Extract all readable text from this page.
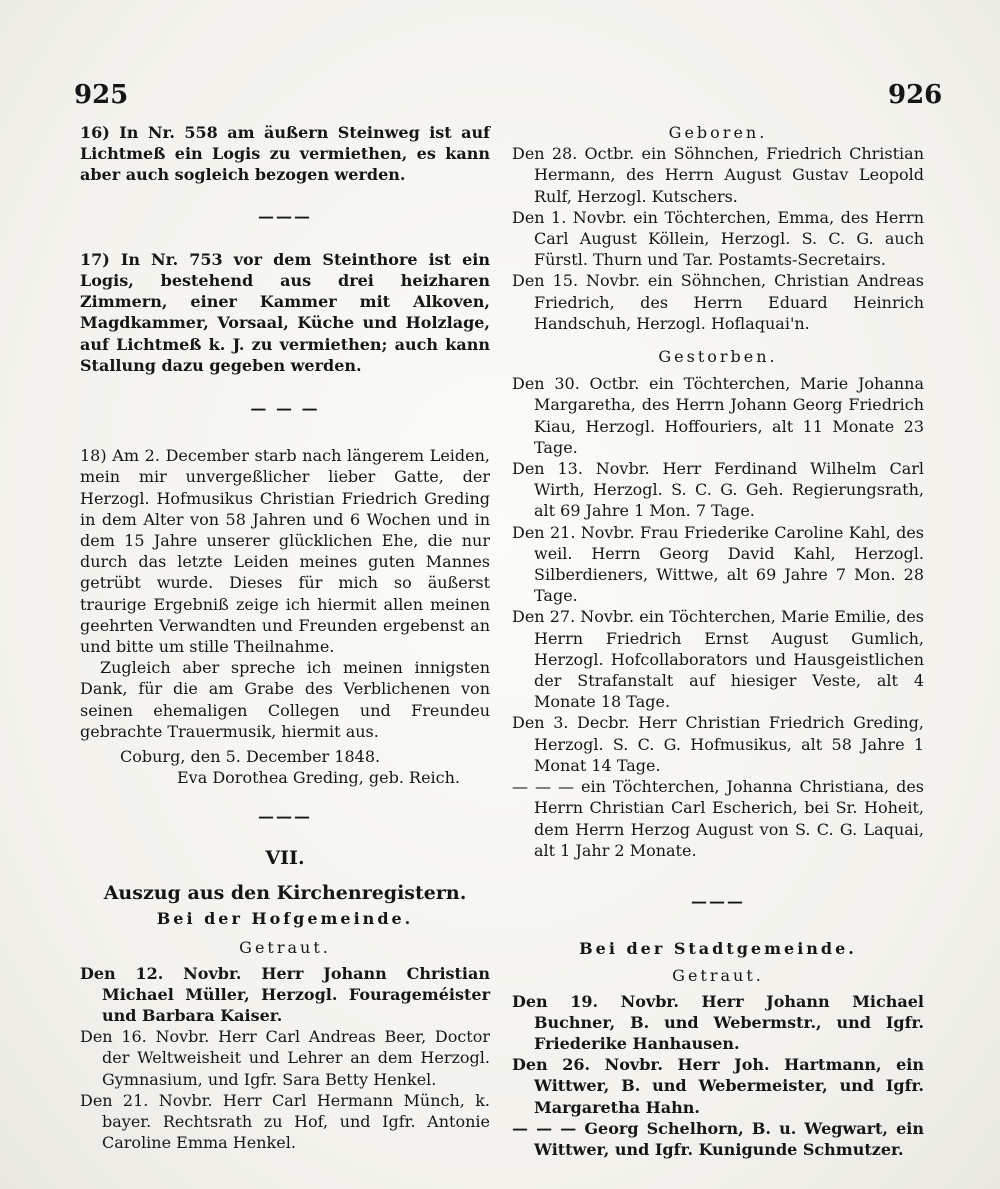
925	926

16) In Nr. 558 am äußern Steinweg ist auf Lichtmeß ein Logis zu vermiethen, es kann aber auch sogleich bezogen werden.

———

17) In Nr. 753 vor dem Steinthore ist ein Logis, bestehend aus drei heizharen Zimmern, einer Kammer mit Alkoven, Magdkammer, Vorsaal, Küche und Holzlage, auf Lichtmeß k. J. zu vermiethen; auch kann Stallung dazu gegeben werden.

— — —

18) Am 2. December starb nach längerem Leiden, mein mir unvergeßlicher lieber Gatte, der Herzogl. Hofmusikus Christian Friedrich Greding in dem Alter von 58 Jahren und 6 Wochen und in dem 15 Jahre unserer glücklichen Ehe, die nur durch das letzte Leiden meines guten Mannes getrübt wurde. Dieses für mich so äußerst traurige Ergebniß zeige ich hiermit allen meinen geehrten Verwandten und Freunden ergebenst an und bitte um stille Theilnahme.

Zugleich aber spreche ich meinen innigsten Dank, für die am Grabe des Verblichenen von seinen ehemaligen Collegen und Freundeu gebrachte Trauermusik, hiermit aus.

Coburg, den 5. December 1848.

Eva Dorothea Greding, geb. Reich.

———

VII.

Auszug aus den Kirchenregistern.

Bei der Hofgemeinde.

Getraut.

Den 12. Novbr. Herr Johann Christian Michael Müller, Herzogl. Fourageméister und Barbara Kaiser.

Den 16. Novbr. Herr Carl Andreas Beer, Doctor der Weltweisheit und Lehrer an dem Herzogl. Gymnasium, und Igfr. Sara Betty Henkel.

Den 21. Novbr. Herr Carl Hermann Münch, k. bayer. Rechtsrath zu Hof, und Igfr. Antonie Caroline Emma Henkel.

Geboren.

Den 28. Octbr. ein Söhnchen, Friedrich Christian Hermann, des Herrn August Gustav Leopold Rulf, Herzogl. Kutschers.

Den 1. Novbr. ein Töchterchen, Emma, des Herrn Carl August Köllein, Herzogl. S. C. G. auch Fürstl. Thurn und Tar. Postamts-Secretairs.

Den 15. Novbr. ein Söhnchen, Christian Andreas Friedrich, des Herrn Eduard Heinrich Handschuh, Herzogl. Hoflaquai'n.

Gestorben.

Den 30. Octbr. ein Töchterchen, Marie Johanna Margaretha, des Herrn Johann Georg Friedrich Kiau, Herzogl. Hoffouriers, alt 11 Monate 23 Tage.

Den 13. Novbr. Herr Ferdinand Wilhelm Carl Wirth, Herzogl. S. C. G. Geh. Regierungsrath, alt 69 Jahre 1 Mon. 7 Tage.

Den 21. Novbr. Frau Friederike Caroline Kahl, des weil. Herrn Georg David Kahl, Herzogl. Silberdieners, Wittwe, alt 69 Jahre 7 Mon. 28 Tage.

Den 27. Novbr. ein Töchterchen, Marie Emilie, des Herrn Friedrich Ernst August Gumlich, Herzogl. Hofcollaborators und Hausgeistlichen der Strafanstalt auf hiesiger Veste, alt 4 Monate 18 Tage.

Den 3. Decbr. Herr Christian Friedrich Greding, Herzogl. S. C. G. Hofmusikus, alt 58 Jahre 1 Monat 14 Tage.

— — — ein Töchterchen, Johanna Christiana, des Herrn Christian Carl Escherich, bei Sr. Hoheit, dem Herrn Herzog August von S. C. G. Laquai, alt 1 Jahr 2 Monate.

———

Bei der Stadtgemeinde.

Getraut.

Den 19. Novbr. Herr Johann Michael Buchner, B. und Webermstr., und Igfr. Friederike Hanhausen.

Den 26. Novbr. Herr Joh. Hartmann, ein Wittwer, B. und Webermeister, und Igfr. Margaretha Hahn.

— — — Georg Schelhorn, B. u. Wegwart, ein Wittwer, und Igfr. Kunigunde Schmutzer.
